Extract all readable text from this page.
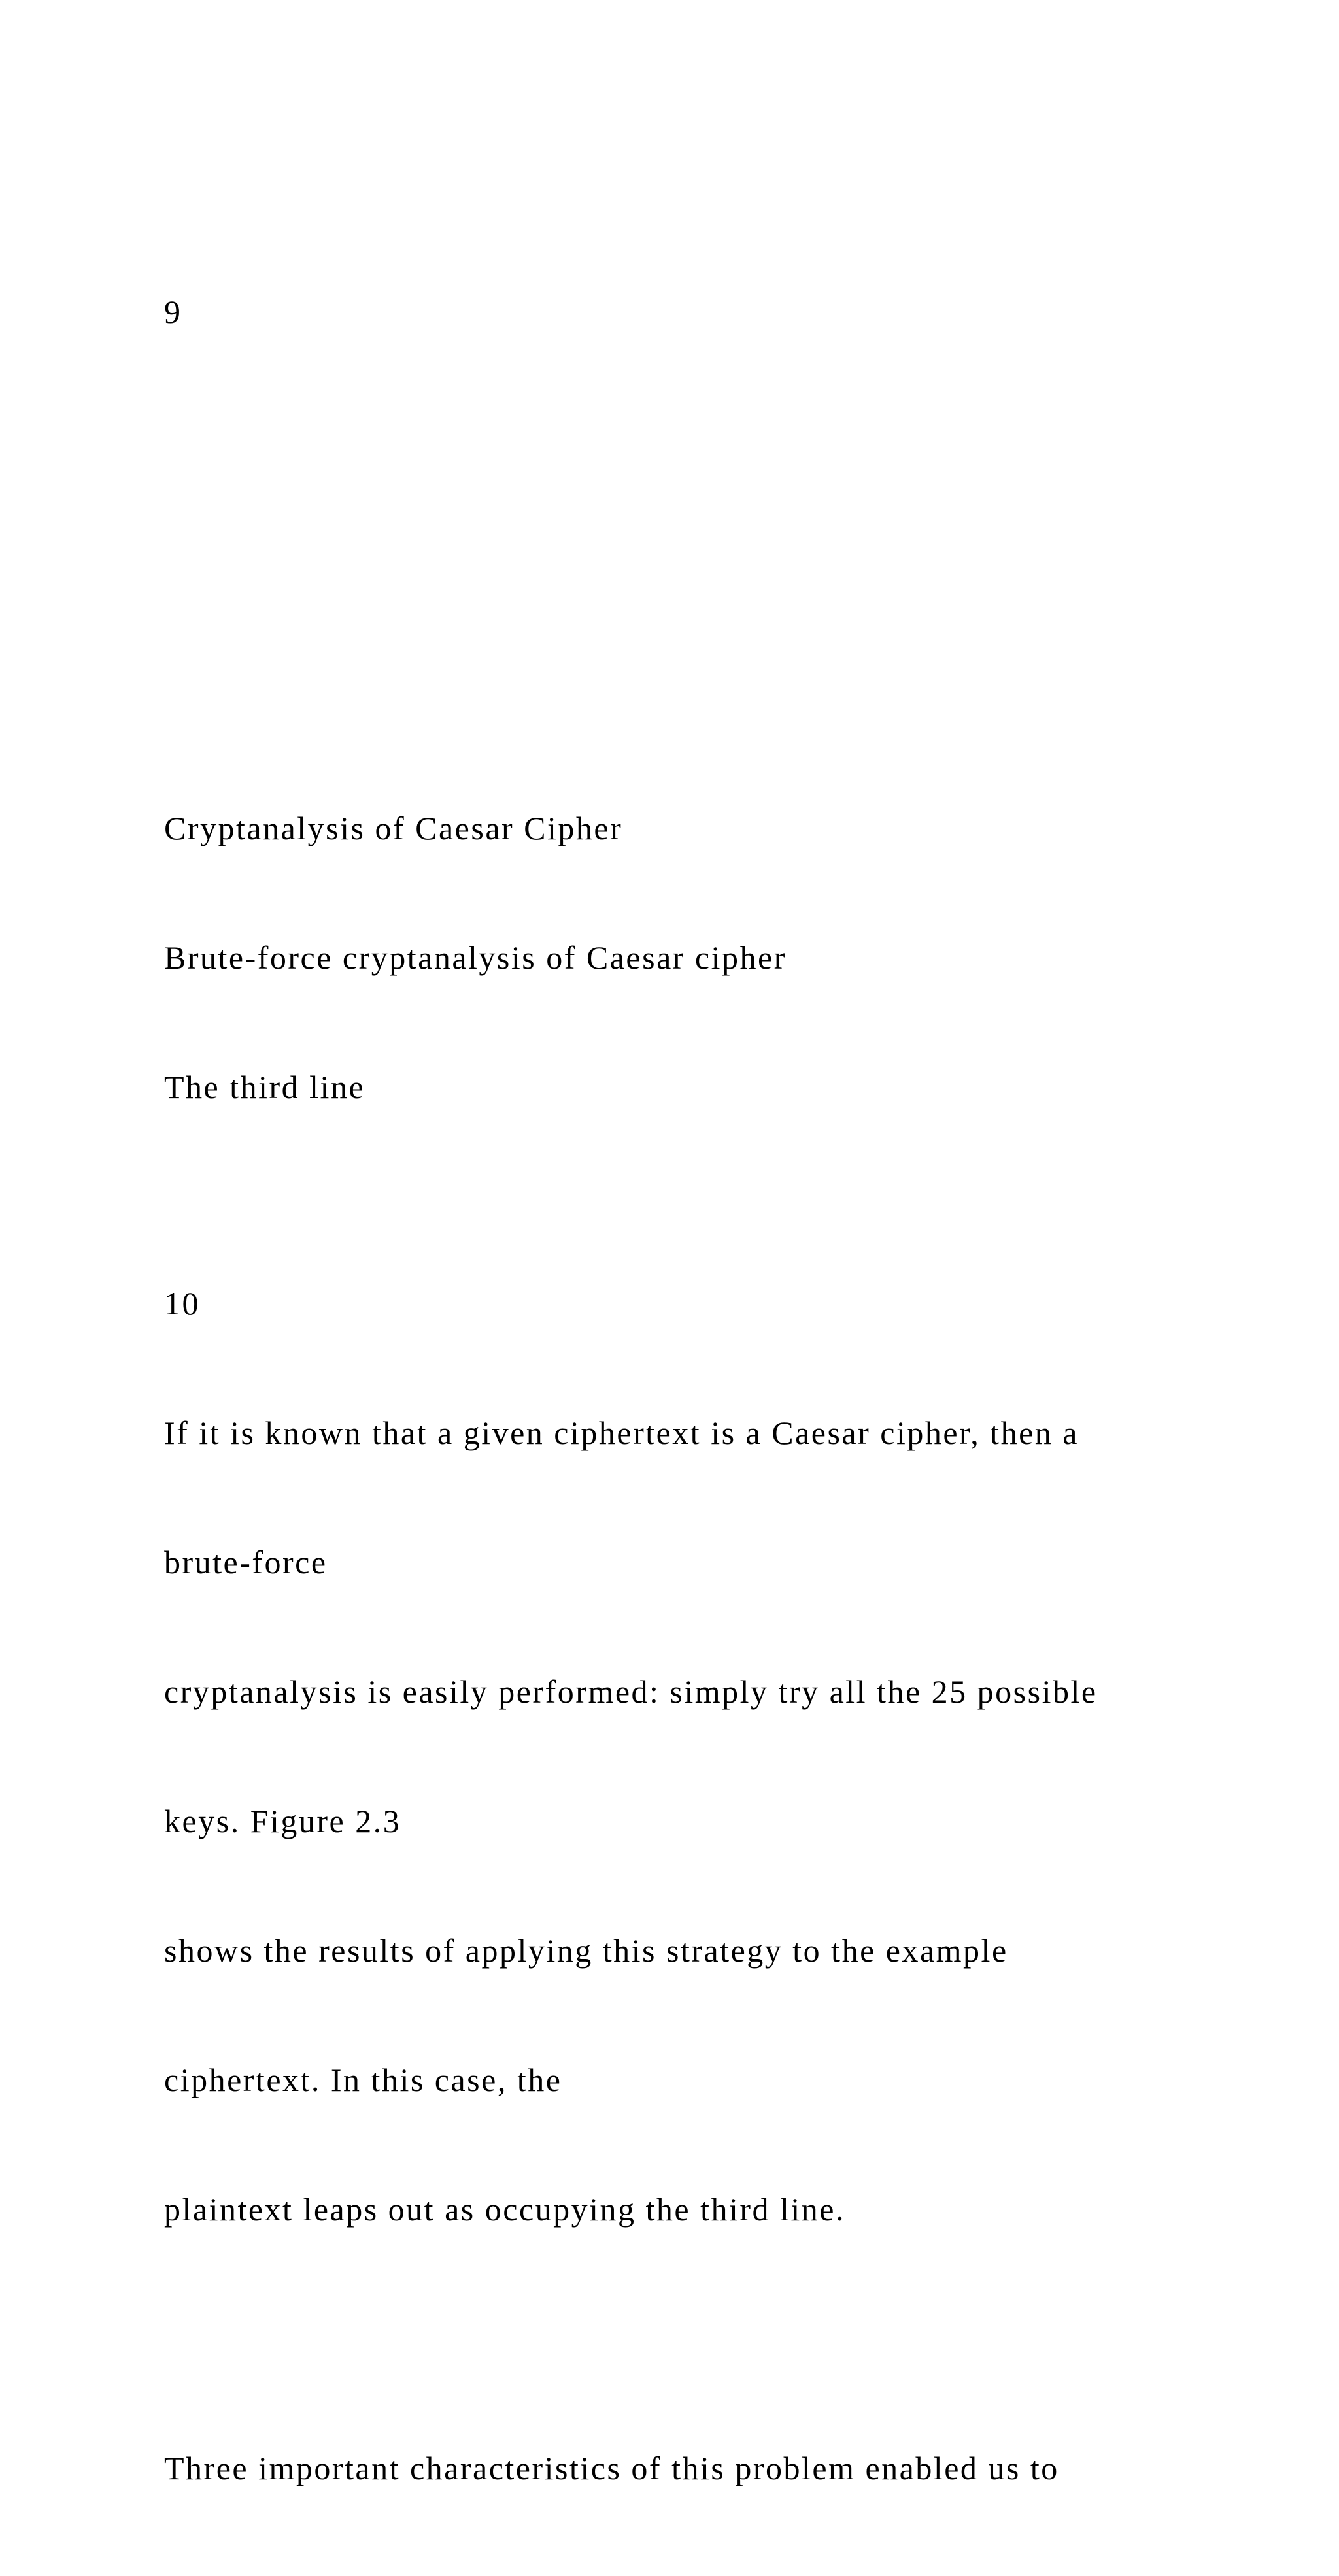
9

Cryptanalysis of Caesar Cipher

Brute-force cryptanalysis of Caesar cipher

The third line

10

If it is known that a given ciphertext is a Caesar cipher, then a

brute-force

cryptanalysis is easily performed: simply try all the 25 possible

keys. Figure 2.3

shows the results of applying this strategy to the example

ciphertext. In this case, the

plaintext leaps out as occupying the third line.

Three important characteristics of this problem enabled us to
